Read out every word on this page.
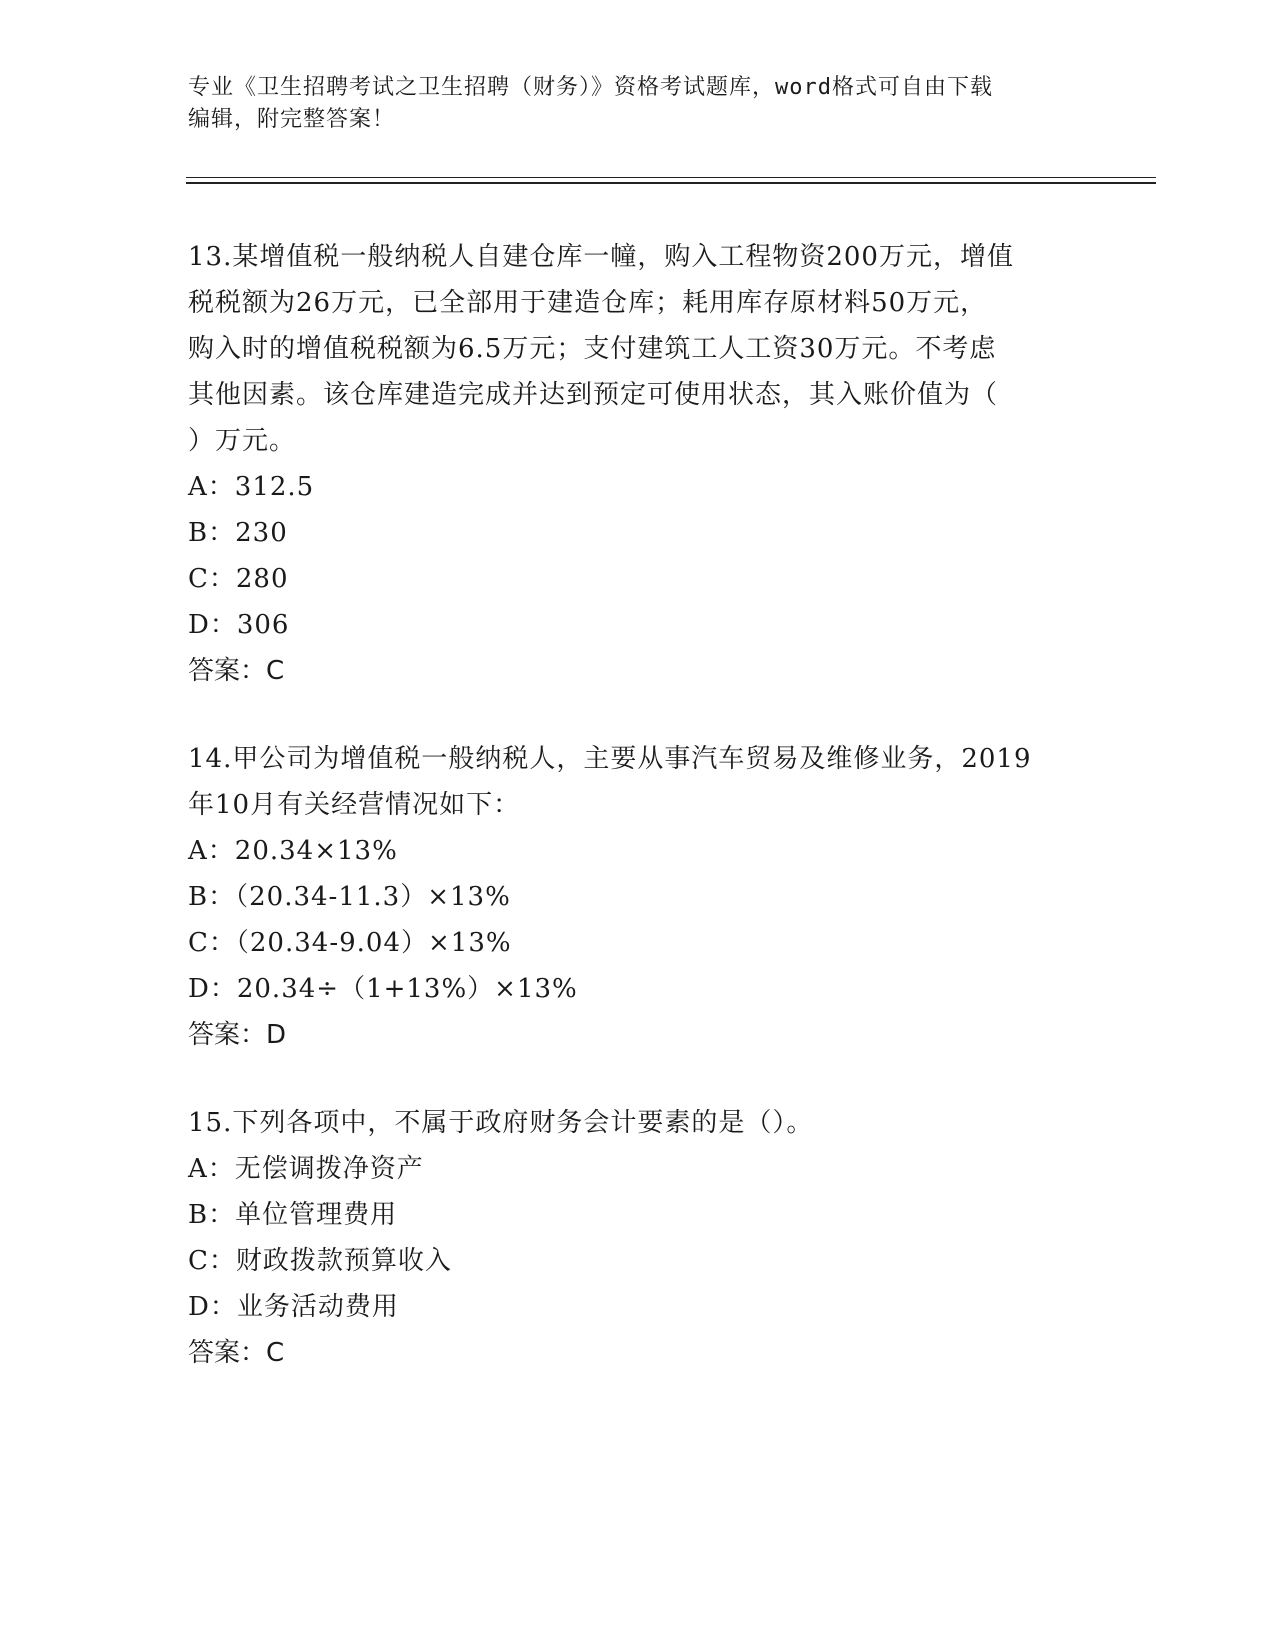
专业《卫生招聘考试之卫生招聘（财务）》资格考试题库，word格式可自由下载
编辑，附完整答案！
13.某增值税一般纳税人自建仓库一幢，购入工程物资200万元，增值
税税额为26万元，已全部用于建造仓库；耗用库存原材料50万元，
购入时的增值税税额为6.5万元；支付建筑工人工资30万元。不考虑
其他因素。该仓库建造完成并达到预定可使用状态，其入账价值为（
）万元。
A：312.5
B：230
C：280
D：306
答案：C
14.甲公司为增值税一般纳税人，主要从事汽车贸易及维修业务，2019
年10月有关经营情况如下：
A：20.34×13%
B：（20.34-11.3）×13%
C：（20.34-9.04）×13%
D：20.34÷（1+13%）×13%
答案：D
15.下列各项中，不属于政府财务会计要素的是（）。
A：无偿调拨净资产
B：单位管理费用
C：财政拨款预算收入
D：业务活动费用
答案：C
